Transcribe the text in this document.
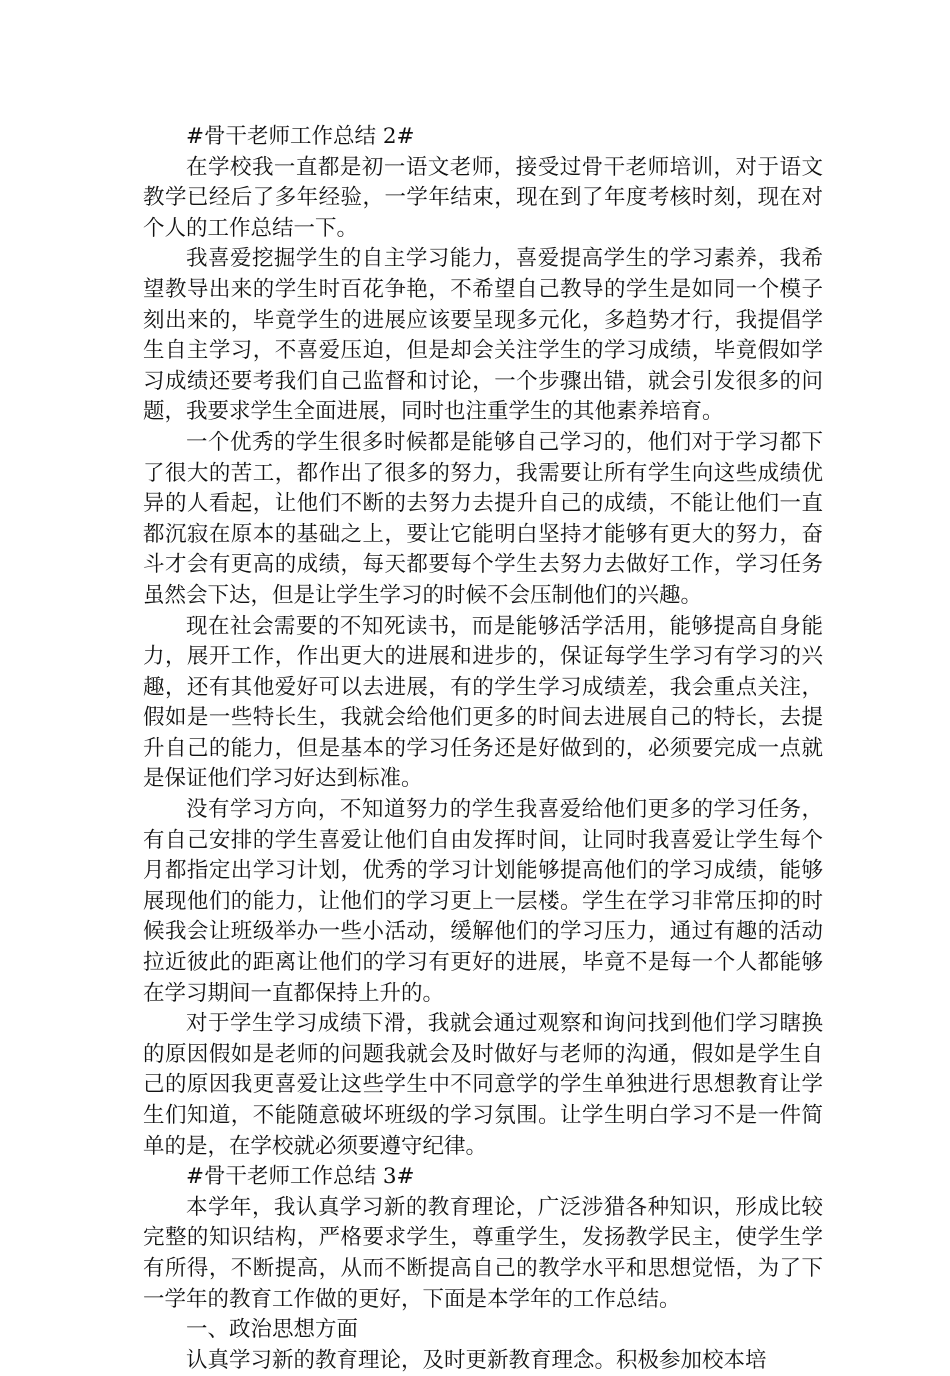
#骨干老师工作总结 2#

在学校我一直都是初一语文老师，接受过骨干老师培训，对于语文教学已经后了多年经验，一学年结束，现在到了年度考核时刻，现在对个人的工作总结一下。

我喜爱挖掘学生的自主学习能力，喜爱提高学生的学习素养，我希望教导出来的学生时百花争艳，不希望自己教导的学生是如同一个模子刻出来的，毕竟学生的进展应该要呈现多元化，多趋势才行，我提倡学生自主学习，不喜爱压迫，但是却会关注学生的学习成绩，毕竟假如学习成绩还要考我们自己监督和讨论，一个步骤出错，就会引发很多的问题，我要求学生全面进展，同时也注重学生的其他素养培育。

一个优秀的学生很多时候都是能够自己学习的，他们对于学习都下了很大的苦工，都作出了很多的努力，我需要让所有学生向这些成绩优异的人看起，让他们不断的去努力去提升自己的成绩，不能让他们一直都沉寂在原本的基础之上，要让它能明白坚持才能够有更大的努力，奋斗才会有更高的成绩，每天都要每个学生去努力去做好工作，学习任务虽然会下达，但是让学生学习的时候不会压制他们的兴趣。

现在社会需要的不知死读书，而是能够活学活用，能够提高自身能力，展开工作，作出更大的进展和进步的，保证每学生学习有学习的兴趣，还有其他爱好可以去进展，有的学生学习成绩差，我会重点关注，假如是一些特长生，我就会给他们更多的时间去进展自己的特长，去提升自己的能力，但是基本的学习任务还是好做到的，必须要完成一点就是保证他们学习好达到标准。

没有学习方向，不知道努力的学生我喜爱给他们更多的学习任务，有自己安排的学生喜爱让他们自由发挥时间，让同时我喜爱让学生每个月都指定出学习计划，优秀的学习计划能够提高他们的学习成绩，能够展现他们的能力，让他们的学习更上一层楼。学生在学习非常压抑的时候我会让班级举办一些小活动，缓解他们的学习压力，通过有趣的活动拉近彼此的距离让他们的学习有更好的进展，毕竟不是每一个人都能够在学习期间一直都保持上升的。

对于学生学习成绩下滑，我就会通过观察和询问找到他们学习瞎换的原因假如是老师的问题我就会及时做好与老师的沟通，假如是学生自己的原因我更喜爱让这些学生中不同意学的学生单独进行思想教育让学生们知道，不能随意破坏班级的学习氛围。让学生明白学习不是一件简单的是，在学校就必须要遵守纪律。

#骨干老师工作总结 3#

本学年，我认真学习新的教育理论，广泛涉猎各种知识，形成比较完整的知识结构，严格要求学生，尊重学生，发扬教学民主，使学生学有所得，不断提高，从而不断提高自己的教学水平和思想觉悟，为了下一学年的教育工作做的更好，下面是本学年的工作总结。

一、政治思想方面

认真学习新的教育理论，及时更新教育理念。积极参加校本培
